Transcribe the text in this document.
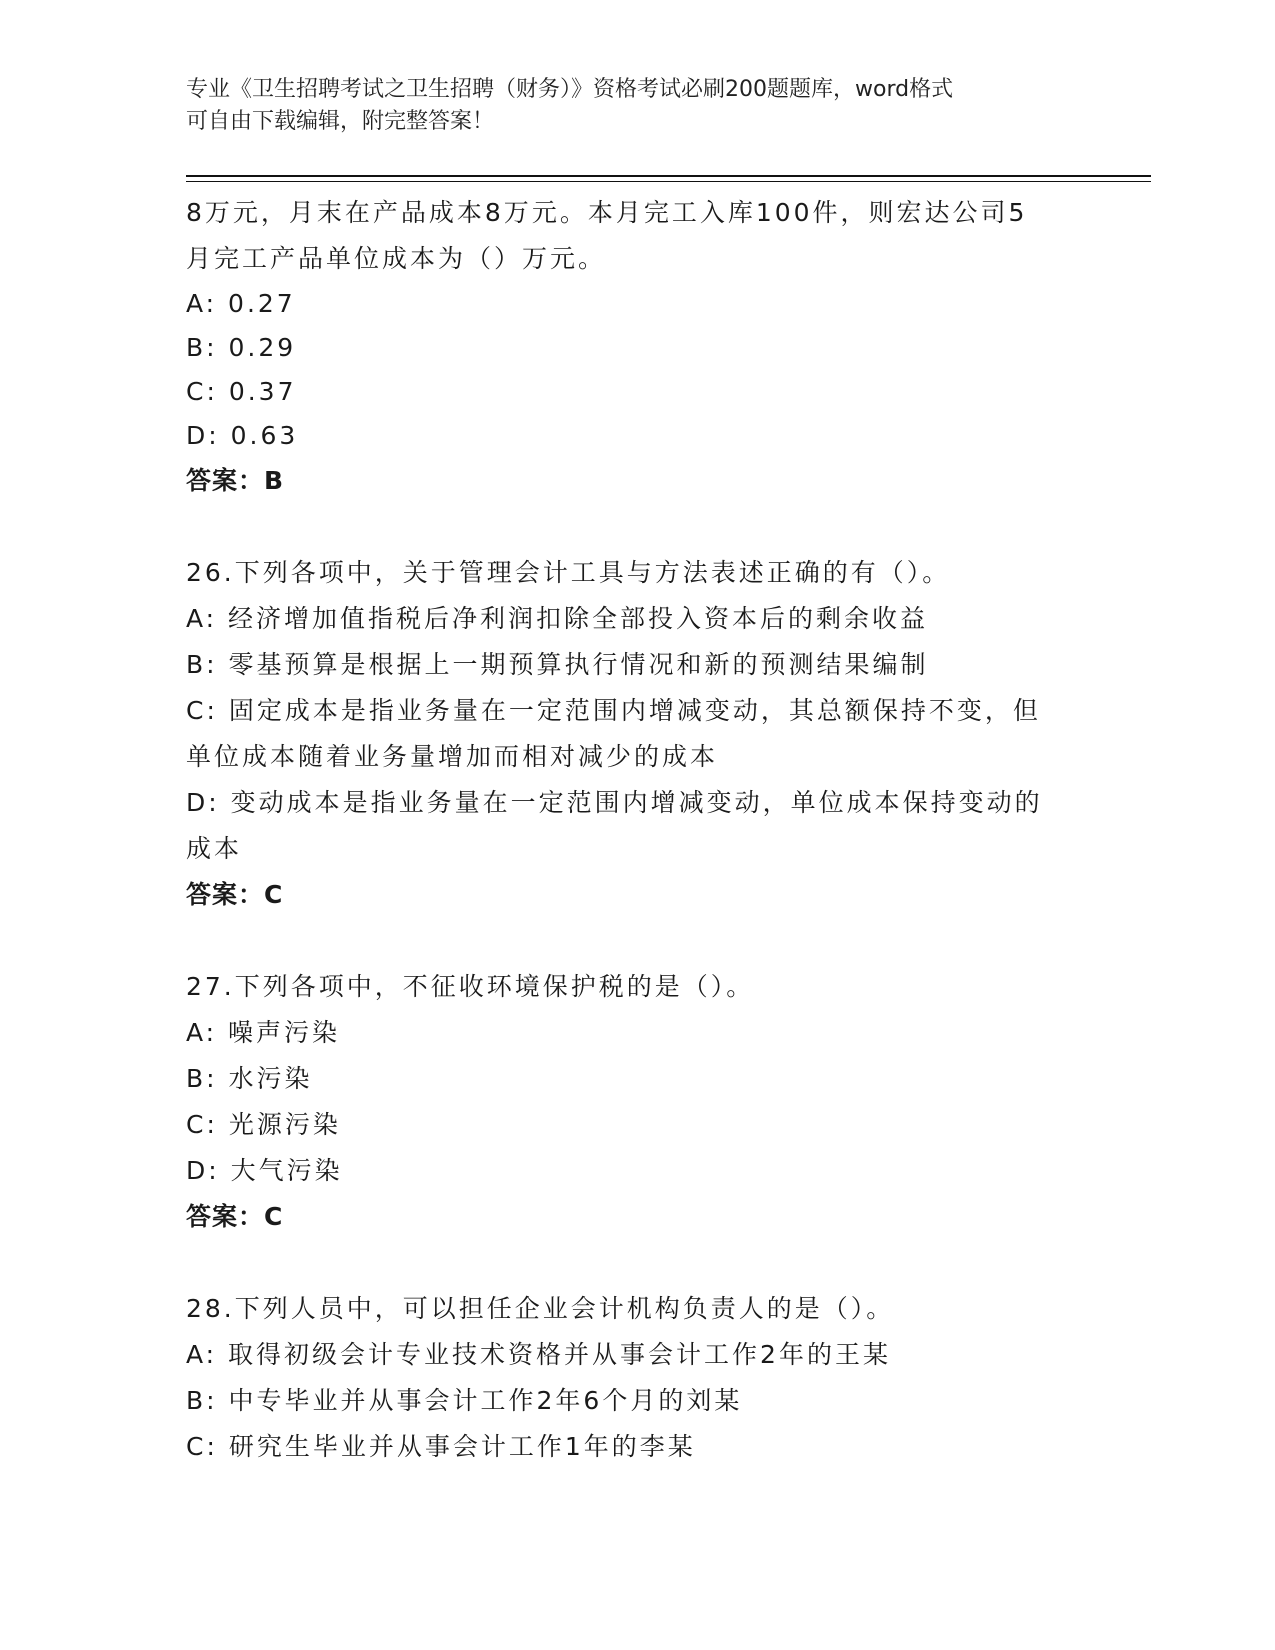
专业《卫生招聘考试之卫生招聘（财务）》资格考试必刷200题题库，word格式
可自由下载编辑，附完整答案！
8万元，月末在产品成本8万元。本月完工入库100件，则宏达公司5
月完工产品单位成本为（）万元。
A: 0.27
B: 0.29
C: 0.37
D: 0.63
答案：B
26.下列各项中，关于管理会计工具与方法表述正确的有（）。
A: 经济增加值指税后净利润扣除全部投入资本后的剩余收益
B: 零基预算是根据上一期预算执行情况和新的预测结果编制
C: 固定成本是指业务量在一定范围内增减变动，其总额保持不变，但
单位成本随着业务量增加而相对减少的成本
D: 变动成本是指业务量在一定范围内增减变动，单位成本保持变动的
成本
答案：C
27.下列各项中，不征收环境保护税的是（）。
A: 噪声污染
B: 水污染
C: 光源污染
D: 大气污染
答案：C
28.下列人员中，可以担任企业会计机构负责人的是（）。
A: 取得初级会计专业技术资格并从事会计工作2年的王某
B: 中专毕业并从事会计工作2年6个月的刘某
C: 研究生毕业并从事会计工作1年的李某
